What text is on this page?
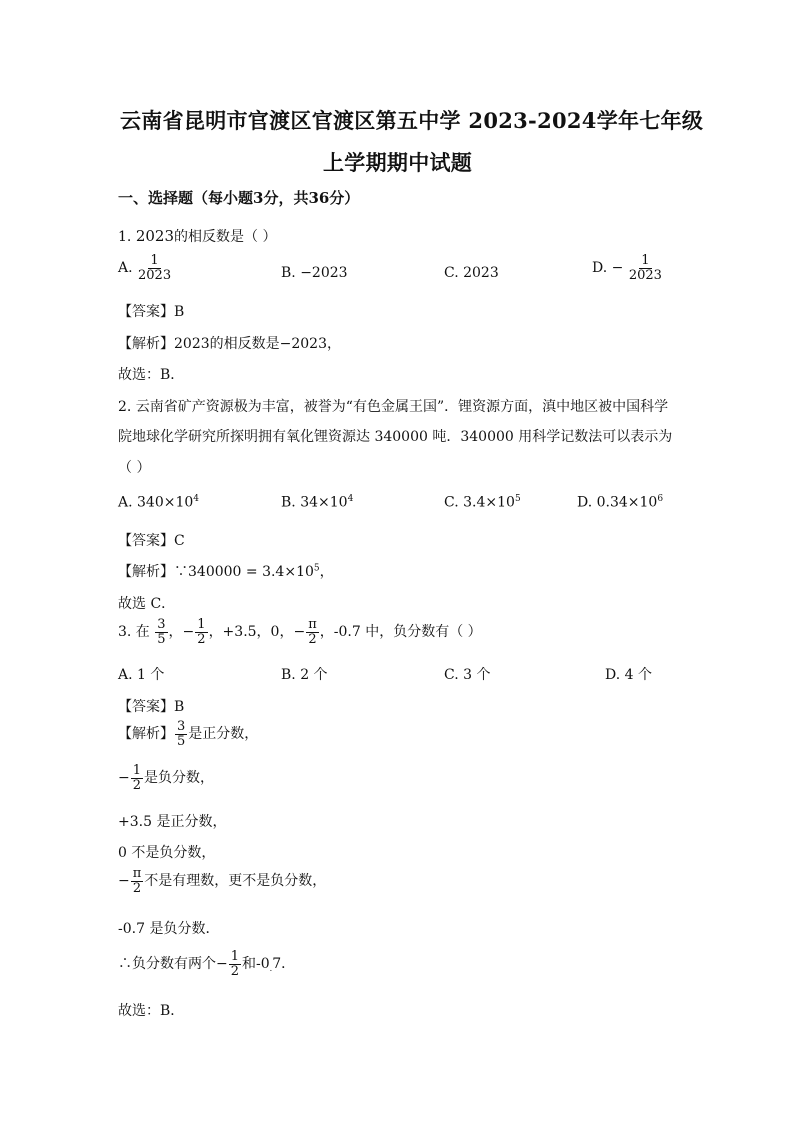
云南省昆明市官渡区官渡区第五中学 2023-2024学年七年级
上学期期中试题
一、选择题（每小题3分，共36分）
1. 2023的相反数是（ ）
A. $\frac{1}{2023}$	B. −2023	C. 2023	D. − $\frac{1}{2023}$
【答案】B
【解析】2023的相反数是−2023，
故选：B．
2. 云南省矿产资源极为丰富，被誉为“有色金属王国”．锂资源方面，滇中地区被中国科学
院地球化学研究所探明拥有氧化锂资源达 340000 吨．340000 用科学记数法可以表示为
（ ）
A. $340\times 10^4$	B. $34\times 10^4$	C. $3.4\times 10^5$	D. $0.34\times 10^6$
【答案】C
【解析】∵340000 = $3.4\times 10^5$，
故选 C．
3. 在 $\frac{3}{5}$ ，− $\frac{1}{2}$ ，+3.5，0，− $\frac{\pi}{2}$ ，-0.7 中，负分数有（ ）
A. 1 个	B. 2 个	C. 3 个	D. 4 个
【答案】B
【解析】 $\frac{3}{5}$ 是正分数，
− $\frac{1}{2}$ 是负分数，
+3.5 是正分数，
0 不是负分数，
− $\frac{\pi}{2}$ 不是有理数，更不是负分数，
-0.7 是负分数．
∴负分数有两个− $\frac{1}{2}$ 和$-0_.7$．
故选：B．
